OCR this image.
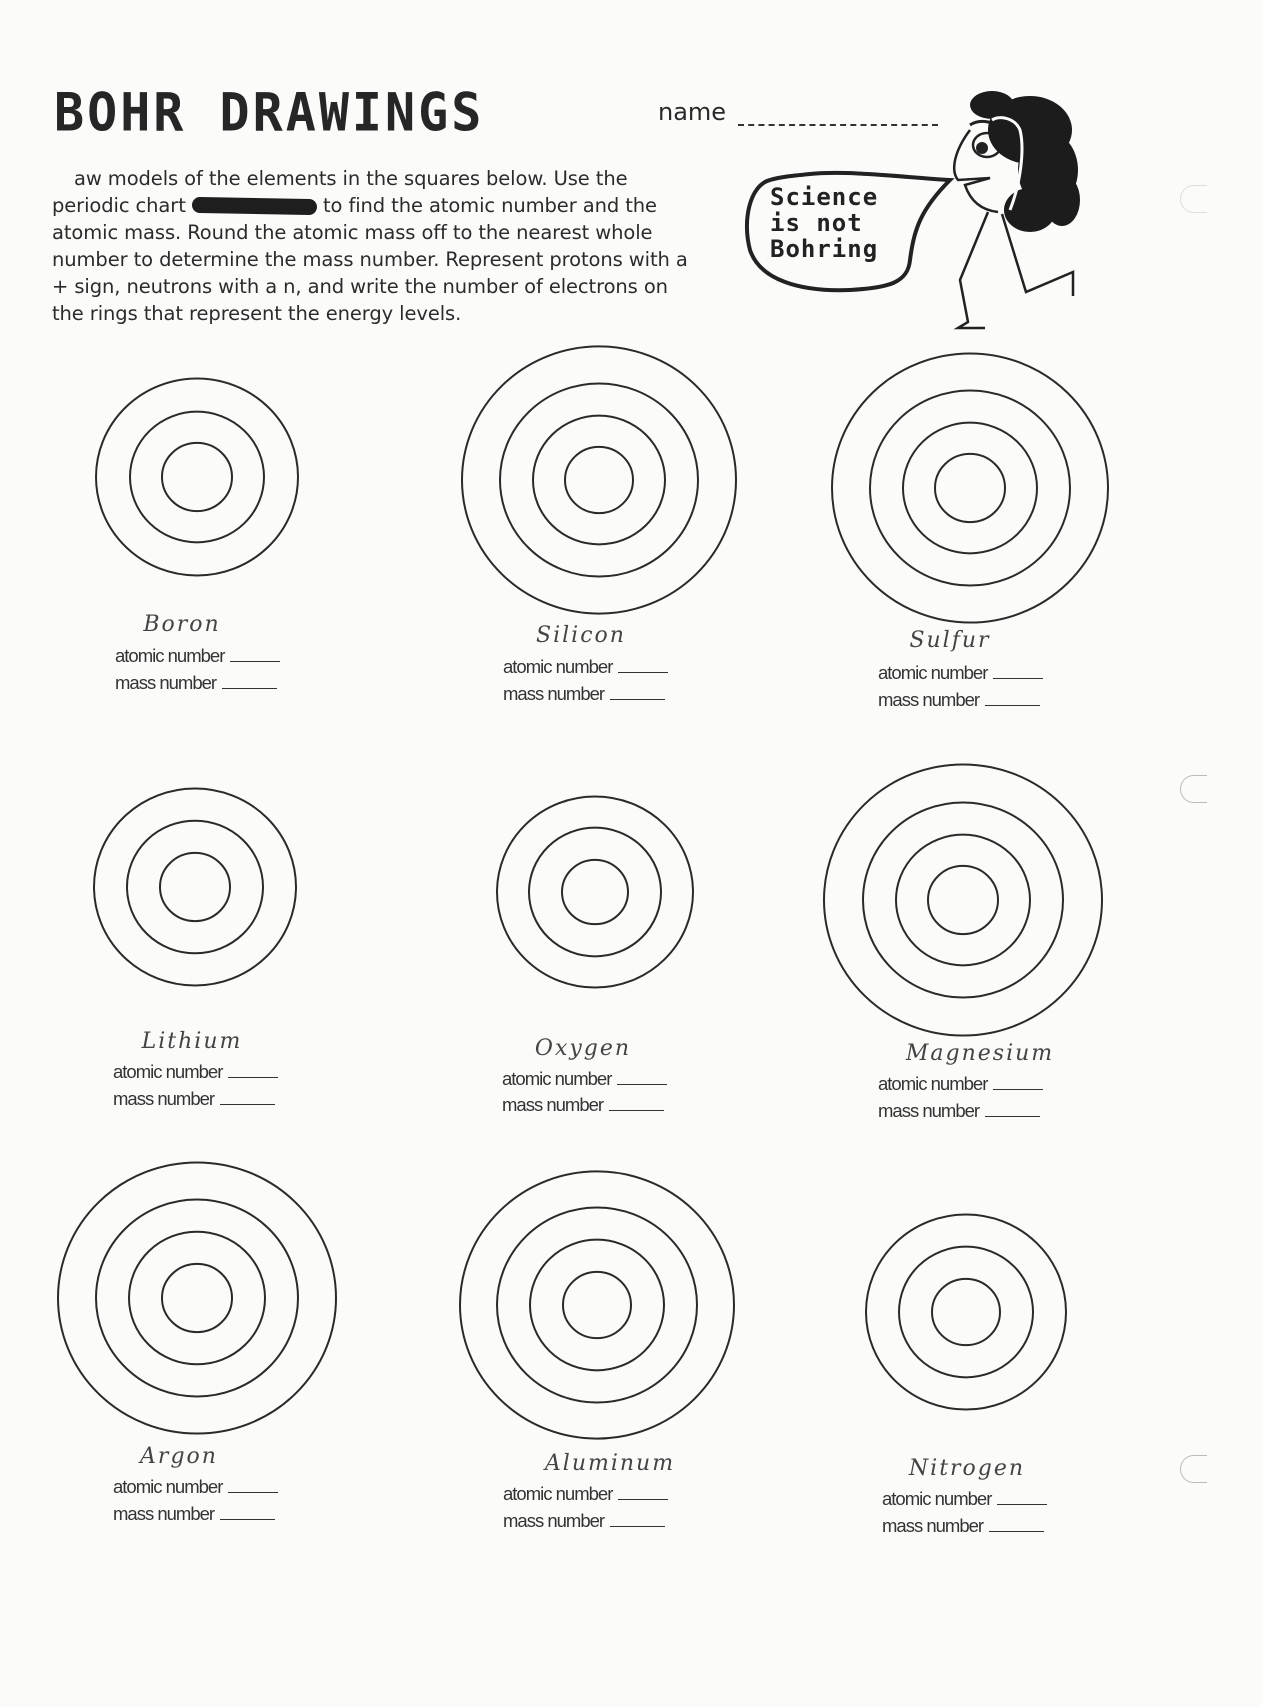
BOHR DRAWINGS	name
aw models of the elements in the squares below. Use the
periodic chart	to find the atomic number and the
atomic mass. Round the atomic mass off to the nearest whole
number to determine the mass number. Represent protons with a
+ sign, neutrons with a n, and write the number of electrons on
the rings that represent the energy levels.
Science
is not
Bohring
Boron
atomic number
mass number
Silicon
atomic number
mass number
Sulfur
atomic number
mass number
Lithium
atomic number
mass number
Oxygen
atomic number
mass number
Magnesium
atomic number
mass number
Argon
atomic number
mass number
Aluminum
atomic number
mass number
Nitrogen
atomic number
mass number
